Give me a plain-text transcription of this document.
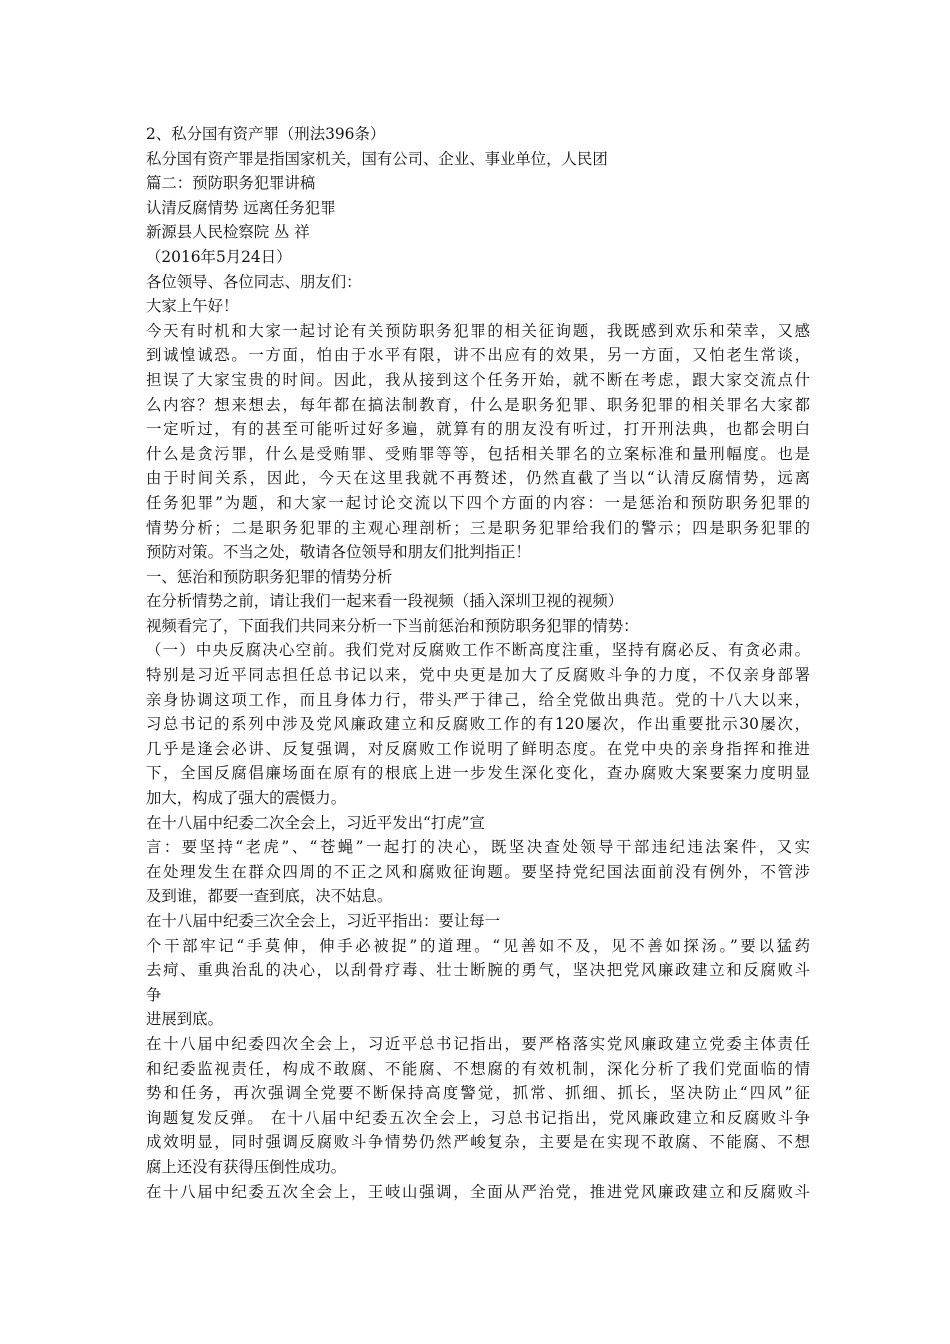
2、私分国有资产罪（刑法396条）

私分国有资产罪是指国家机关，国有公司、企业、事业单位，人民团

篇二：预防职务犯罪讲稿

认清反腐情势 远离任务犯罪

新源县人民检察院 丛 祥

（2016年5月24日）

各位领导、各位同志、朋友们：

大家上午好！

今天有时机和大家一起讨论有关预防职务犯罪的相关征询题，我既感到欢乐和荣幸，又感

到诚惶诚恐。一方面，怕由于水平有限，讲不出应有的效果，另一方面，又怕老生常谈，

担误了大家宝贵的时间。因此，我从接到这个任务开始，就不断在考虑，跟大家交流点什

么内容？想来想去，每年都在搞法制教育，什么是职务犯罪、职务犯罪的相关罪名大家都

一定听过，有的甚至可能听过好多遍，就算有的朋友没有听过，打开刑法典，也都会明白

什么是贪污罪，什么是受贿罪、受贿罪等等，包括相关罪名的立案标准和量刑幅度。也是

由于时间关系，因此，今天在这里我就不再赘述，仍然直截了当以“认清反腐情势，远离

任务犯罪”为题，和大家一起讨论交流以下四个方面的内容：一是惩治和预防职务犯罪的

情势分析；二是职务犯罪的主观心理剖析；三是职务犯罪给我们的警示；四是职务犯罪的

预防对策。不当之处，敬请各位领导和朋友们批判指正！

一、惩治和预防职务犯罪的情势分析

在分析情势之前，请让我们一起来看一段视频（插入深圳卫视的视频）

视频看完了，下面我们共同来分析一下当前惩治和预防职务犯罪的情势：

（一）中央反腐决心空前。我们党对反腐败工作不断高度注重，坚持有腐必反、有贪必肃。

特别是习近平同志担任总书记以来，党中央更是加大了反腐败斗争的力度，不仅亲身部署

亲身协调这项工作，而且身体力行，带头严于律己，给全党做出典范。党的十八大以来，

习总书记的系列中涉及党风廉政建立和反腐败工作的有120屡次，作出重要批示30屡次，

几乎是逢会必讲、反复强调，对反腐败工作说明了鲜明态度。在党中央的亲身指挥和推进

下，全国反腐倡廉场面在原有的根底上进一步发生深化变化，查办腐败大案要案力度明显

加大，构成了强大的震慑力。

在十八届中纪委二次全会上，习近平发出“打虎”宣

言：要坚持“老虎”、“苍蝇”一起打的决心，既坚决查处领导干部违纪违法案件，又实

在处理发生在群众四周的不正之风和腐败征询题。要坚持党纪国法面前没有例外，不管涉

及到谁，都要一查到底，决不姑息。

在十八届中纪委三次全会上，习近平指出：要让每一

个干部牢记“手莫伸，伸手必被捉”的道理。“见善如不及，见不善如探汤。”要以猛药

去疴、重典治乱的决心，以刮骨疗毒、壮士断腕的勇气，坚决把党风廉政建立和反腐败斗

争

进展到底。

在十八届中纪委四次全会上，习近平总书记指出，要严格落实党风廉政建立党委主体责任

和纪委监视责任，构成不敢腐、不能腐、不想腐的有效机制，深化分析了我们党面临的情

势和任务，再次强调全党要不断保持高度警觉，抓常、抓细、抓长，坚决防止“四风”征

询题复发反弹。 在十八届中纪委五次全会上，习总书记指出，党风廉政建立和反腐败斗争

成效明显，同时强调反腐败斗争情势仍然严峻复杂，主要是在实现不敢腐、不能腐、不想

腐上还没有获得压倒性成功。

在十八届中纪委五次全会上，王岐山强调，全面从严治党，推进党风廉政建立和反腐败斗
